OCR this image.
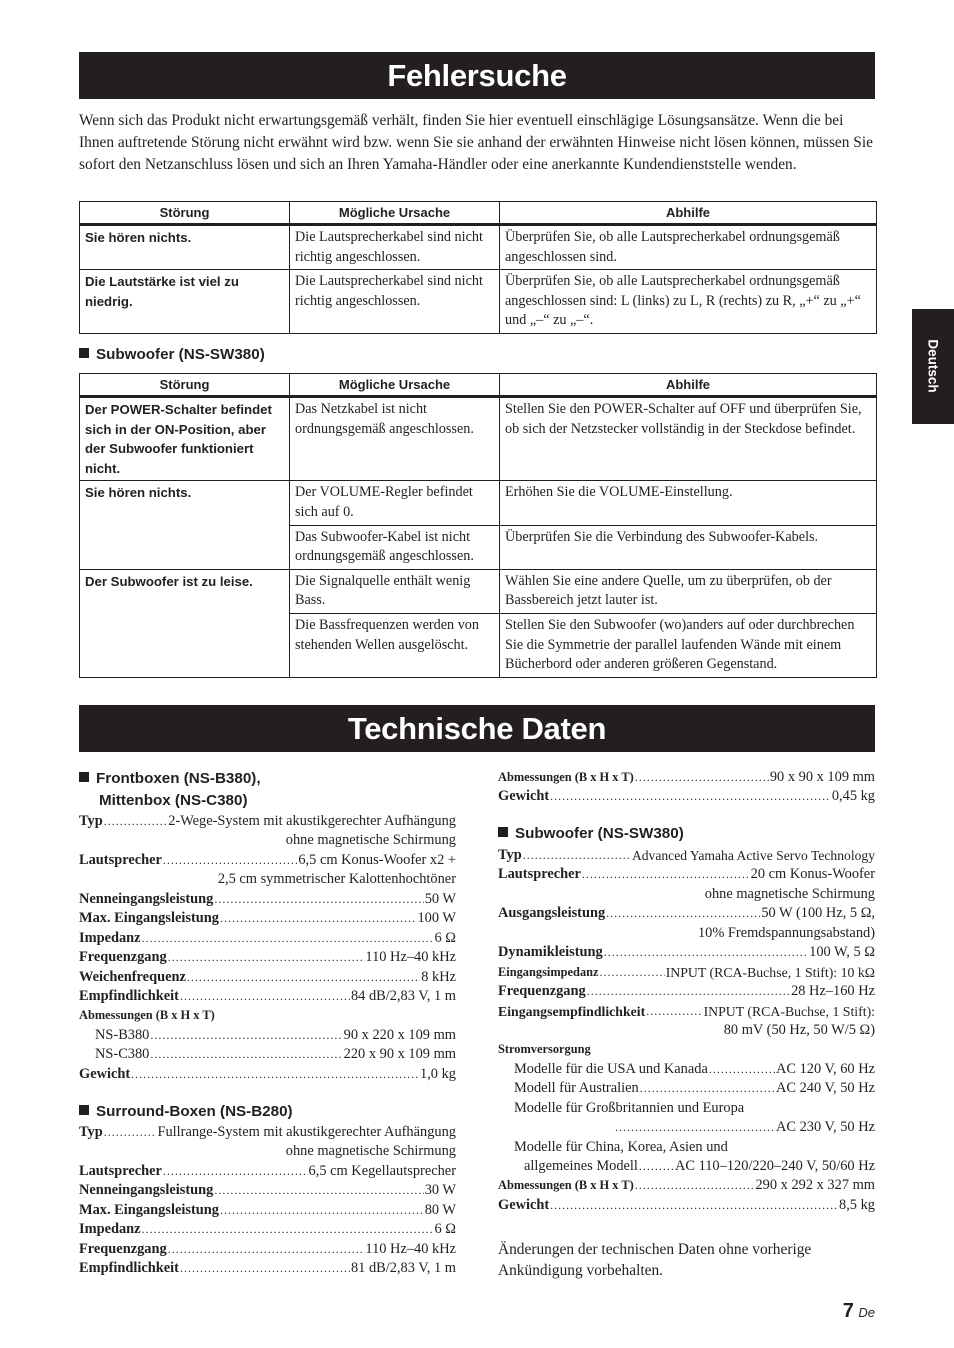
Fehlersuche
Wenn sich das Produkt nicht erwartungsgemäß verhält, finden Sie hier eventuell einschlägige Lösungsansätze. Wenn die bei Ihnen auftretende Störung nicht erwähnt wird bzw. wenn Sie sie anhand der erwähnten Hinweise nicht lösen können, müssen Sie sofort den Netzanschluss lösen und sich an Ihren Yamaha-Händler oder eine anerkannte Kundendienststelle wenden.
Störung	Mögliche Ursache	Abhilfe
Sie hören nichts.	Die Lautsprecherkabel sind nicht richtig angeschlossen.	Überprüfen Sie, ob alle Lautsprecherkabel ordnungsgemäß angeschlossen sind.
Die Lautstärke ist viel zu niedrig.	Die Lautsprecherkabel sind nicht richtig angeschlossen.	Überprüfen Sie, ob alle Lautsprecherkabel ordnungsgemäß angeschlossen sind: L (links) zu L, R (rechts) zu R, „+“ zu „+“ und „–“ zu „–“.
Subwoofer (NS-SW380)
Störung	Mögliche Ursache	Abhilfe
Der POWER-Schalter befindet sich in der ON-Position, aber der Subwoofer funktioniert nicht.	Das Netzkabel ist nicht ordnungsgemäß angeschlossen.	Stellen Sie den POWER-Schalter auf OFF und überprüfen Sie, ob sich der Netzstecker vollständig in der Steckdose befindet.
Sie hören nichts.	Der VOLUME-Regler befindet sich auf 0.	Erhöhen Sie die VOLUME-Einstellung.
	Das Subwoofer-Kabel ist nicht ordnungsgemäß angeschlossen.	Überprüfen Sie die Verbindung des Subwoofer-Kabels.
Der Subwoofer ist zu leise.	Die Signalquelle enthält wenig Bass.	Wählen Sie eine andere Quelle, um zu überprüfen, ob der Bassbereich jetzt lauter ist.
	Die Bassfrequenzen werden von stehenden Wellen ausgelöscht.	Stellen Sie den Subwoofer (wo)anders auf oder durchbrechen Sie die Symmetrie der parallel laufenden Wände mit einem Bücherbord oder anderen größeren Gegenstand.
Technische Daten
Frontboxen (NS-B380),
Mittenbox (NS-C380)
Typ .....	2-Wege-System mit akustikgerechter Aufhängung
ohne magnetische Schirmung
Lautsprecher .....	6,5 cm Konus-Woofer x2 +
2,5 cm symmetrischer Kalottenhochtöner
Nenneingangsleistung .....	50 W
Max. Eingangsleistung .....	100 W
Impedanz .....	6 Ω
Frequenzgang .....	110 Hz–40 kHz
Weichenfrequenz .....	8 kHz
Empfindlichkeit .....	84 dB/2,83 V, 1 m
Abmessungen (B x H x T)
NS-B380 .....	90 x 220 x 109 mm
NS-C380 .....	220 x 90 x 109 mm
Gewicht .....	1,0 kg
Surround-Boxen (NS-B280)
Typ .....	Fullrange-System mit akustikgerechter Aufhängung
ohne magnetische Schirmung
Lautsprecher .....	6,5 cm Kegellautsprecher
Nenneingangsleistung .....	30 W
Max. Eingangsleistung .....	80 W
Impedanz .....	6 Ω
Frequenzgang .....	110 Hz–40 kHz
Empfindlichkeit .....	81 dB/2,83 V, 1 m
Abmessungen (B x H x T) .....	90 x 90 x 109 mm
Gewicht .....	0,45 kg
Subwoofer (NS-SW380)
Typ .....	Advanced Yamaha Active Servo Technology
Lautsprecher .....	20 cm Konus-Woofer
ohne magnetische Schirmung
Ausgangsleistung .....	50 W (100 Hz, 5 Ω,
10% Fremdspannungsabstand)
Dynamikleistung .....	100 W, 5 Ω
Eingangsimpedanz .....	INPUT (RCA-Buchse, 1 Stift): 10 kΩ
Frequenzgang .....	28 Hz–160 Hz
Eingangsempfindlichkeit .....	INPUT (RCA-Buchse, 1 Stift):
80 mV (50 Hz, 50 W/5 Ω)
Stromversorgung
Modelle für die USA und Kanada .....	AC 120 V, 60 Hz
Modell für Australien .....	AC 240 V, 50 Hz
Modelle für Großbritannien und Europa
.....
AC 230 V, 50 Hz
Modelle für China, Korea, Asien und
allgemeines Modell .....	AC 110–120/220–240 V, 50/60 Hz
Abmessungen (B x H x T) .....	290 x 292 x 327 mm
Gewicht .....	8,5 kg
Änderungen der technischen Daten ohne vorherige Ankündigung vorbehalten.
Deutsch
7 De
